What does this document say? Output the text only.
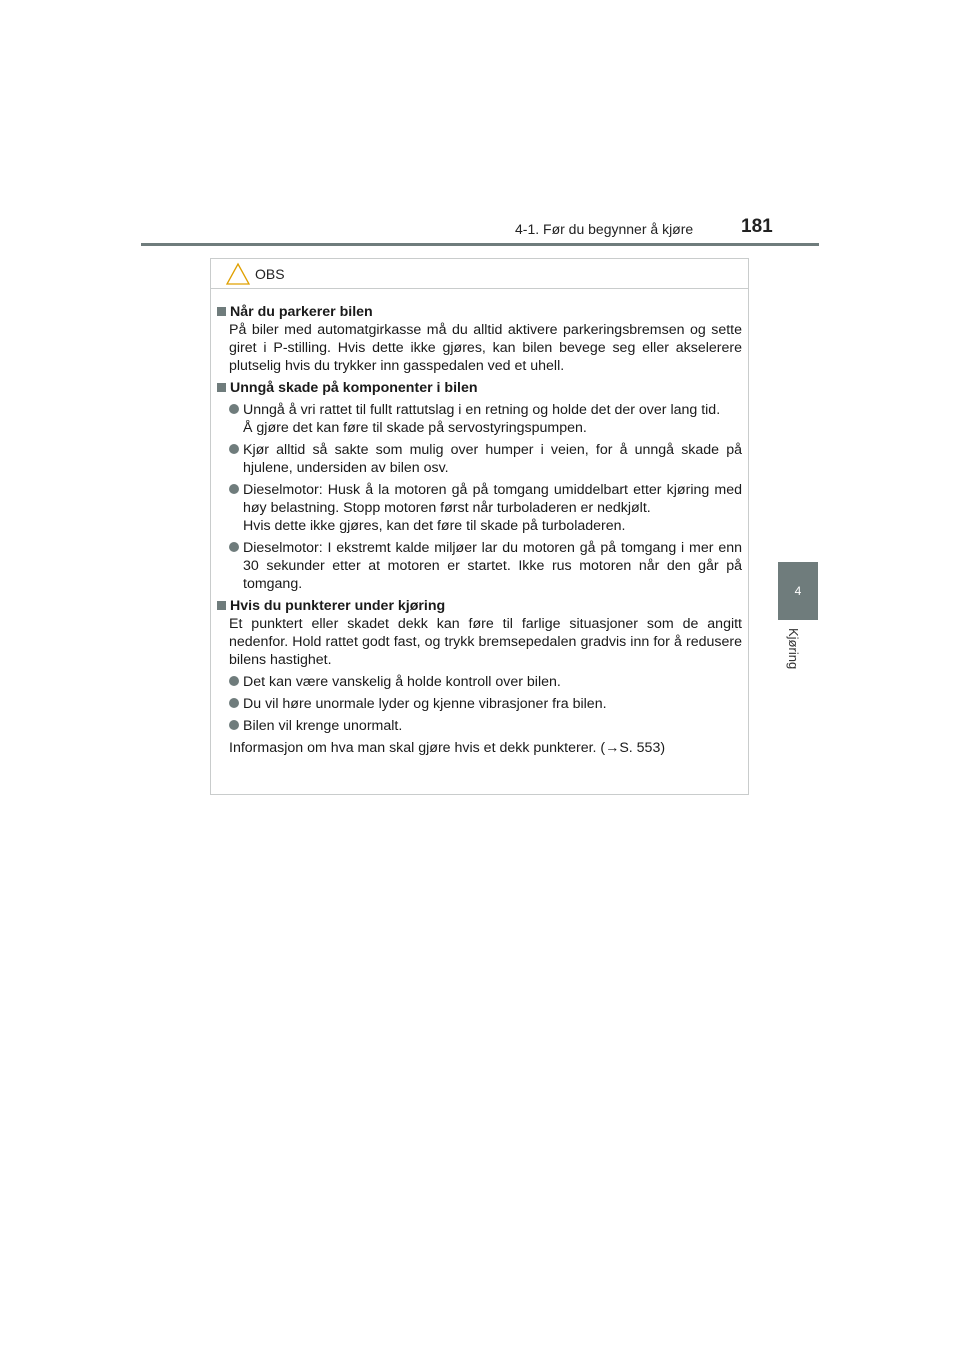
4-1. Før du begynner å kjøre	181
4
Kjøring
OBS
Når du parkerer bilen
På biler med automatgirkasse må du alltid aktivere parkeringsbremsen og sette giret i P-stilling. Hvis dette ikke gjøres, kan bilen bevege seg eller akselerere plutselig hvis du trykker inn gasspedalen ved et uhell.
Unngå skade på komponenter i bilen
Unngå å vri rattet til fullt rattutslag i en retning og holde det der over lang tid.
Å gjøre det kan føre til skade på servostyringspumpen.
Kjør alltid så sakte som mulig over humper i veien, for å unngå skade på hjulene, undersiden av bilen osv.
Dieselmotor: Husk å la motoren gå på tomgang umiddelbart etter kjøring med høy belastning. Stopp motoren først når turboladeren er nedkjølt.
Hvis dette ikke gjøres, kan det føre til skade på turboladeren.
Dieselmotor: I ekstremt kalde miljøer lar du motoren gå på tomgang i mer enn 30 sekunder etter at motoren er startet. Ikke rus motoren når den går på tomgang.
Hvis du punkterer under kjøring
Et punktert eller skadet dekk kan føre til farlige situasjoner som de angitt nedenfor. Hold rattet godt fast, og trykk bremsepedalen gradvis inn for å redusere bilens hastighet.
Det kan være vanskelig å holde kontroll over bilen.
Du vil høre unormale lyder og kjenne vibrasjoner fra bilen.
Bilen vil krenge unormalt.
Informasjon om hva man skal gjøre hvis et dekk punkterer. (→S. 553)
